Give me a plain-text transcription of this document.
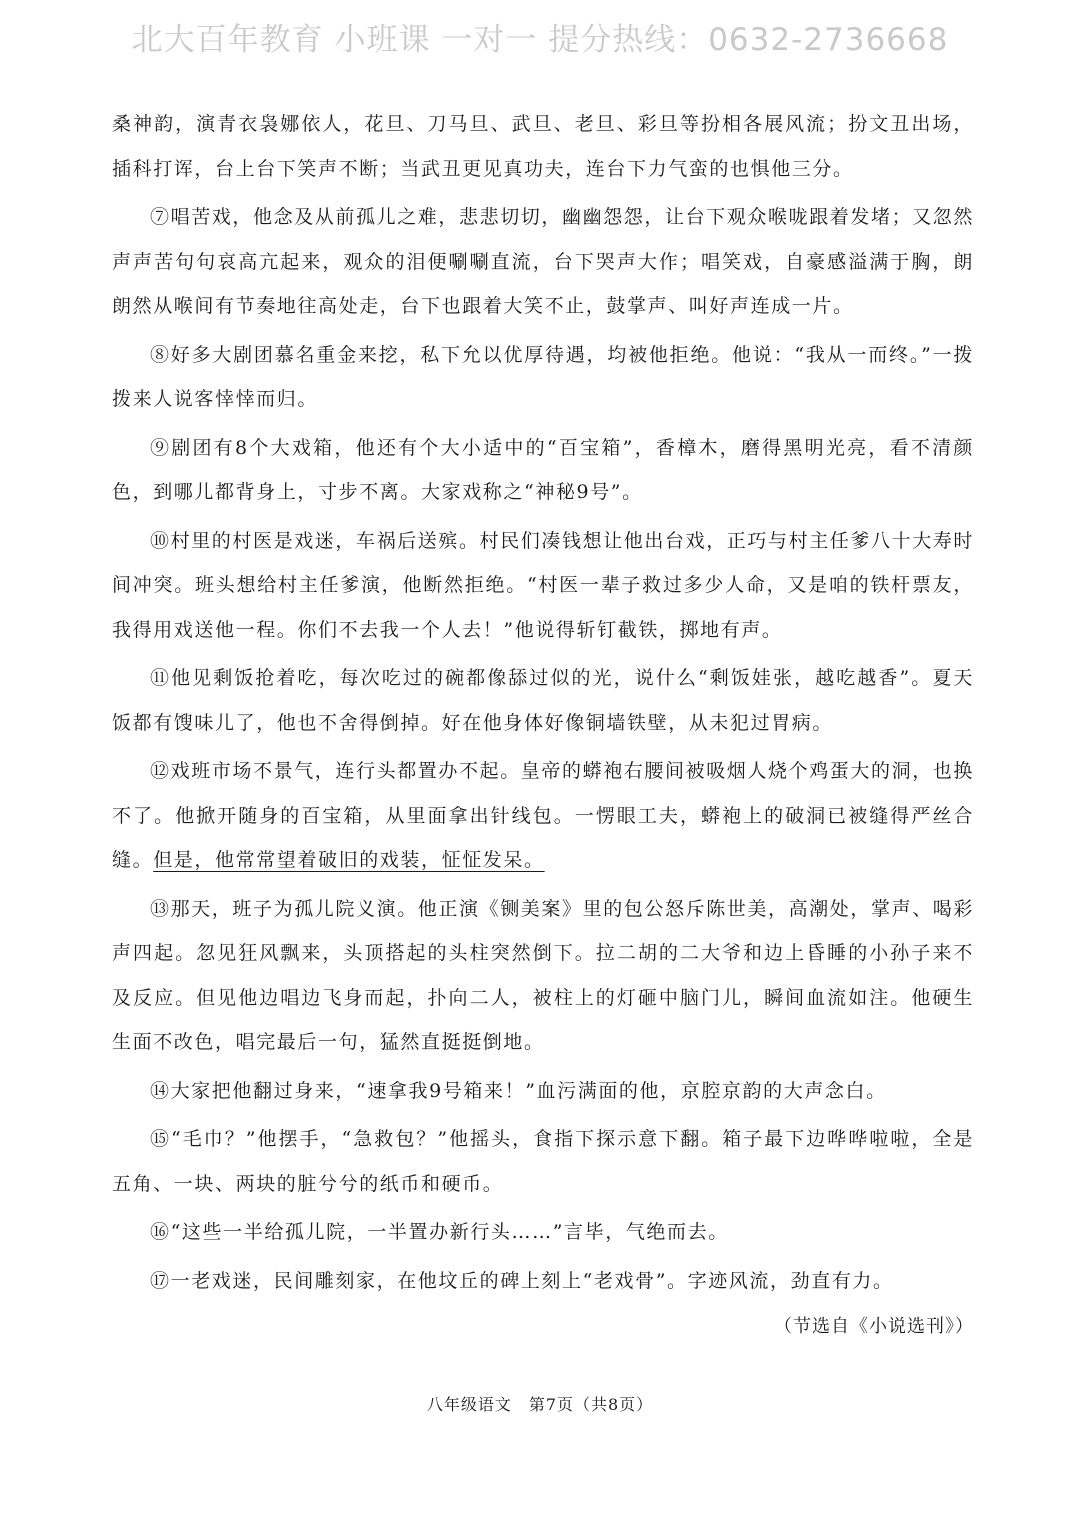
北大百年教育 小班课 一对一 提分热线：0632-2736668

桑神韵，演青衣袅娜依人，花旦、刀马旦、武旦、老旦、彩旦等扮相各展风流；扮文丑出场，插科打诨，台上台下笑声不断；当武丑更见真功夫，连台下力气蛮的也惧他三分。

⑦唱苦戏，他念及从前孤儿之难，悲悲切切，幽幽怨怨，让台下观众喉咙跟着发堵；又忽然声声苦句句哀高亢起来，观众的泪便唰唰直流，台下哭声大作；唱笑戏，自豪感溢满于胸，朗朗然从喉间有节奏地往高处走，台下也跟着大笑不止，鼓掌声、叫好声连成一片。

⑧好多大剧团慕名重金来挖，私下允以优厚待遇，均被他拒绝。他说：“我从一而终。”一拨拨来人说客悻悻而归。

⑨剧团有8个大戏箱，他还有个大小适中的“百宝箱”，香樟木，磨得黑明光亮，看不清颜色，到哪儿都背身上，寸步不离。大家戏称之“神秘9号”。

⑩村里的村医是戏迷，车祸后送殡。村民们凑钱想让他出台戏，正巧与村主任爹八十大寿时间冲突。班头想给村主任爹演，他断然拒绝。“村医一辈子救过多少人命，又是咱的铁杆票友，我得用戏送他一程。你们不去我一个人去！”他说得斩钉截铁，掷地有声。

⑪他见剩饭抢着吃，每次吃过的碗都像舔过似的光，说什么“剩饭娃张，越吃越香”。夏天饭都有馊味儿了，他也不舍得倒掉。好在他身体好像铜墙铁壁，从未犯过胃病。

⑫戏班市场不景气，连行头都置办不起。皇帝的蟒袍右腰间被吸烟人烧个鸡蛋大的洞，也换不了。他掀开随身的百宝箱，从里面拿出针线包。一愣眼工夫，蟒袍上的破洞已被缝得严丝合缝。但是，他常常望着破旧的戏装，怔怔发呆。

⑬那天，班子为孤儿院义演。他正演《铡美案》里的包公怒斥陈世美，高潮处，掌声、喝彩声四起。忽见狂风飘来，头顶搭起的头柱突然倒下。拉二胡的二大爷和边上昏睡的小孙子来不及反应。但见他边唱边飞身而起，扑向二人，被柱上的灯砸中脑门儿，瞬间血流如注。他硬生生面不改色，唱完最后一句，猛然直挺挺倒地。

⑭大家把他翻过身来，“速拿我9号箱来！”血污满面的他，京腔京韵的大声念白。

⑮“毛巾？”他摆手，“急救包？”他摇头，食指下探示意下翻。箱子最下边哗哗啦啦，全是五角、一块、两块的脏兮兮的纸币和硬币。

⑯“这些一半给孤儿院，一半置办新行头……”言毕，气绝而去。

⑰一老戏迷，民间雕刻家，在他坟丘的碑上刻上“老戏骨”。字迹风流，劲直有力。

（节选自《小说选刊》）
八年级语文　第7页（共8页）
